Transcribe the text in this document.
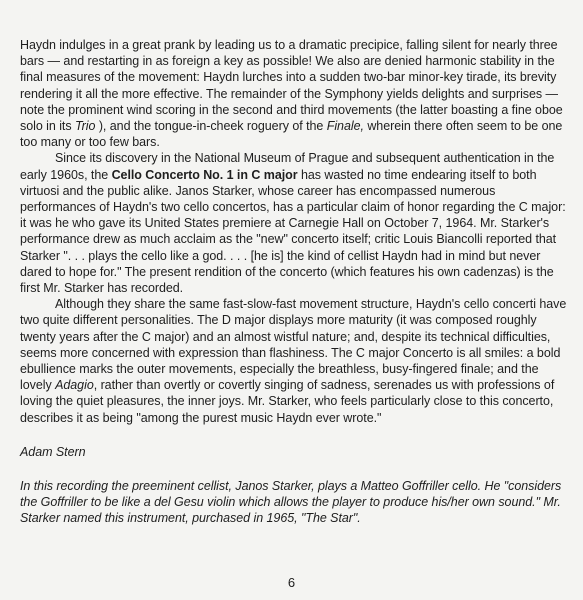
Haydn indulges in a great prank by leading us to a dramatic precipice, falling silent for nearly three bars — and restarting in as foreign a key as possible! We also are denied harmonic stability in the final measures of the movement: Haydn lurches into a sudden two-bar minor-key tirade, its brevity rendering it all the more effective. The remainder of the Symphony yields delights and surprises — note the prominent wind scoring in the second and third movements (the latter boasting a fine oboe solo in its Trio ), and the tongue-in-cheek roguery of the Finale, wherein there often seem to be one too many or too few bars.

Since its discovery in the National Museum of Prague and subsequent authentication in the early 1960s, the Cello Concerto No. 1 in C major has wasted no time endearing itself to both virtuosi and the public alike. Janos Starker, whose career has encompassed numerous performances of Haydn's two cello concertos, has a particular claim of honor regarding the C major: it was he who gave its United States premiere at Carnegie Hall on October 7, 1964. Mr. Starker's performance drew as much acclaim as the "new" concerto itself; critic Louis Biancolli reported that Starker ". . . plays the cello like a god. . . . [he is] the kind of cellist Haydn had in mind but never dared to hope for." The present rendition of the concerto (which features his own cadenzas) is the first Mr. Starker has recorded.

Although they share the same fast-slow-fast movement structure, Haydn's cello concerti have two quite different personalities. The D major displays more maturity (it was composed roughly twenty years after the C major) and an almost wistful nature; and, despite its technical difficulties, seems more concerned with expression than flashiness. The C major Concerto is all smiles: a bold ebullience marks the outer movements, especially the breathless, busy-fingered finale; and the lovely Adagio, rather than overtly or covertly singing of sadness, serenades us with professions of loving the quiet pleasures, the inner joys. Mr. Starker, who feels particularly close to this concerto, describes it as being "among the purest music Haydn ever wrote."

Adam Stern

In this recording the preeminent cellist, Janos Starker, plays a Matteo Goffriller cello. He "considers the Goffriller to be like a del Gesu violin which allows the player to produce his/her own sound." Mr. Starker named this instrument, purchased in 1965, "The Star".

6
